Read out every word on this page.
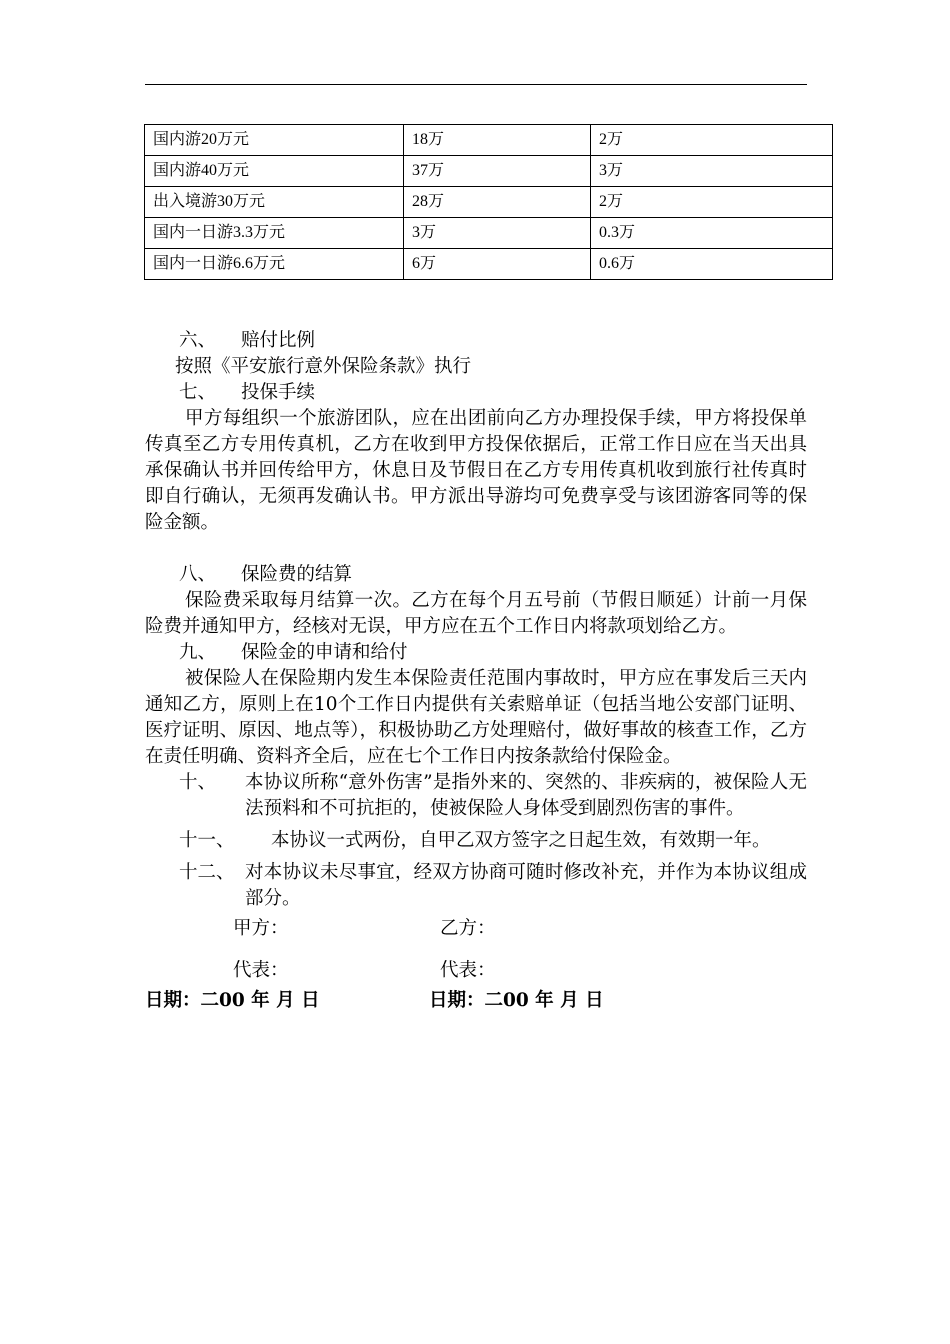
国内游20万元	18万	2万
国内游40万元	37万	3万
出入境游30万元	28万	2万
国内一日游3.3万元	3万	0.3万
国内一日游6.6万元	6万	0.6万

六、 赔付比例

按照《平安旅行意外保险条款》执行

七、 投保手续

甲方每组织一个旅游团队，应在出团前向乙方办理投保手续，甲方将投保单传真至乙方专用传真机，乙方在收到甲方投保依据后，正常工作日应在当天出具承保确认书并回传给甲方，休息日及节假日在乙方专用传真机收到旅行社传真时即自行确认，无须再发确认书。甲方派出导游均可免费享受与该团游客同等的保险金额。

八、 保险费的结算

保险费采取每月结算一次。乙方在每个月五号前（节假日顺延）计前一月保险费并通知甲方，经核对无误，甲方应在五个工作日内将款项划给乙方。

九、 保险金的申请和给付

被保险人在保险期内发生本保险责任范围内事故时，甲方应在事发后三天内通知乙方，原则上在10个工作日内提供有关索赔单证（包括当地公安部门证明、医疗证明、原因、地点等），积极协助乙方处理赔付，做好事故的核查工作，乙方在责任明确、资料齐全后，应在七个工作日内按条款给付保险金。

十、	本协议所称“意外伤害”是指外来的、突然的、非疾病的，被保险人无法预料和不可抗拒的，使被保险人身体受到剧烈伤害的事件。
十一、	本协议一式两份，自甲乙双方签字之日起生效，有效期一年。
十二、 对本协议未尽事宜，经双方协商可随时修改补充，并作为本协议组成部分。
甲方：	乙方：
代表：	代表：
日期：二00 年 月 日	日期：二00 年 月 日
